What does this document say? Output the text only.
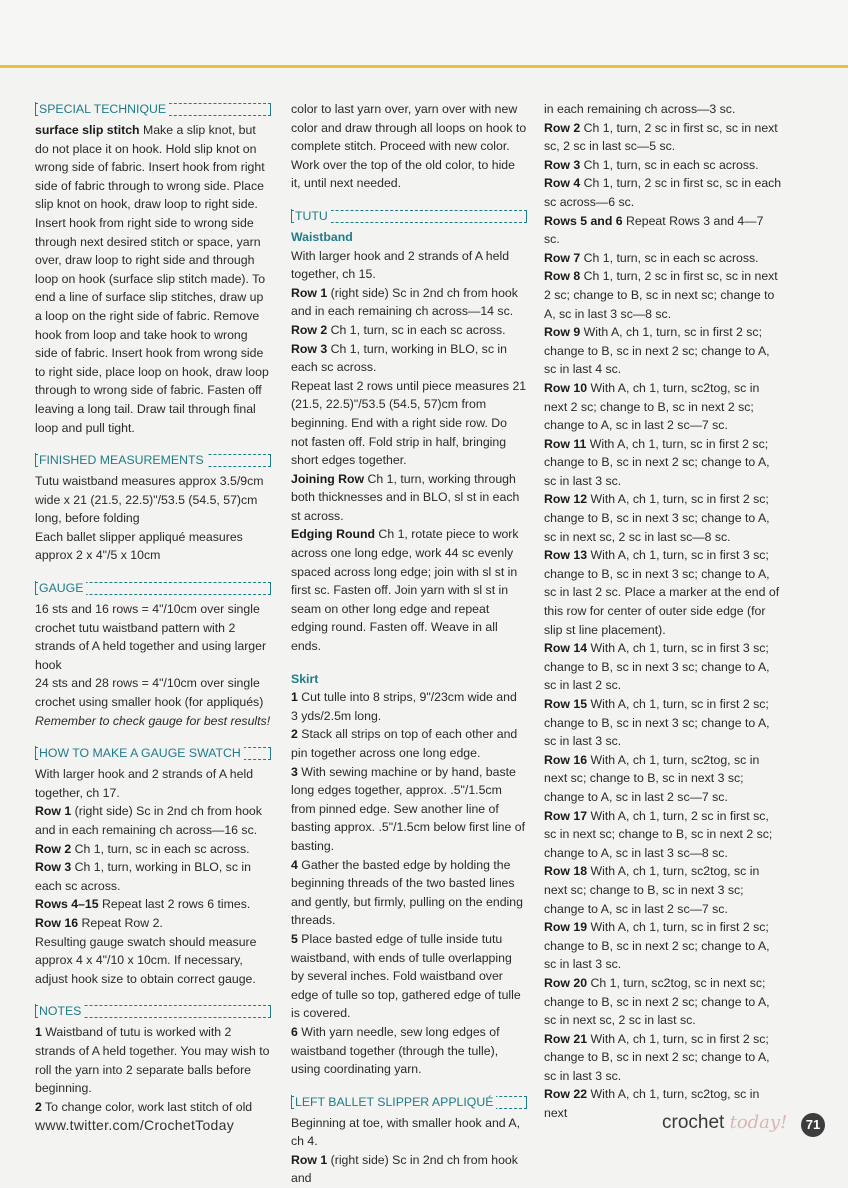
SPECIAL TECHNIQUE

surface slip stitch Make a slip knot, but do not place it on hook. Hold slip knot on wrong side of fabric. Insert hook from right side of fabric through to wrong side. Place slip knot on hook, draw loop to right side. Insert hook from right side to wrong side through next desired stitch or space, yarn over, draw loop to right side and through loop on hook (surface slip stitch made). To end a line of surface slip stitches, draw up a loop on the right side of fabric. Remove hook from loop and take hook to wrong side of fabric. Insert hook from wrong side to right side, place loop on hook, draw loop through to wrong side of fabric. Fasten off leaving a long tail. Draw tail through final loop and pull tight.

FINISHED MEASUREMENTS

Tutu waistband measures approx 3.5/9cm wide x 21 (21.5, 22.5)"/53.5 (54.5, 57)cm long, before folding

Each ballet slipper appliqué measures approx 2 x 4"/5 x 10cm

GAUGE

16 sts and 16 rows = 4"/10cm over single crochet tutu waistband pattern with 2 strands of A held together and using larger hook

24 sts and 28 rows = 4"/10cm over single crochet using smaller hook (for appliqués)

Remember to check gauge for best results!

HOW TO MAKE A GAUGE SWATCH

With larger hook and 2 strands of A held together, ch 17.

Row 1 (right side) Sc in 2nd ch from hook and in each remaining ch across—16 sc.

Row 2 Ch 1, turn, sc in each sc across.

Row 3 Ch 1, turn, working in BLO, sc in each sc across.

Rows 4–15 Repeat last 2 rows 6 times.

Row 16 Repeat Row 2.

Resulting gauge swatch should measure approx 4 x 4"/10 x 10cm. If necessary, adjust hook size to obtain correct gauge.

NOTES

1 Waistband of tutu is worked with 2 strands of A held together. You may wish to roll the yarn into 2 separate balls before beginning.

2 To change color, work last stitch of old

color to last yarn over, yarn over with new color and draw through all loops on hook to complete stitch. Proceed with new color. Work over the top of the old color, to hide it, until next needed.

TUTU

Waistband

With larger hook and 2 strands of A held together, ch 15.

Row 1 (right side) Sc in 2nd ch from hook and in each remaining ch across—14 sc.

Row 2 Ch 1, turn, sc in each sc across.

Row 3 Ch 1, turn, working in BLO, sc in each sc across.

Repeat last 2 rows until piece measures 21 (21.5, 22.5)"/53.5 (54.5, 57)cm from beginning. End with a right side row. Do not fasten off. Fold strip in half, bringing short edges together.

Joining Row Ch 1, turn, working through both thicknesses and in BLO, sl st in each st across.

Edging Round Ch 1, rotate piece to work across one long edge, work 44 sc evenly spaced across long edge; join with sl st in first sc. Fasten off. Join yarn with sl st in seam on other long edge and repeat edging round. Fasten off. Weave in all ends.

Skirt

1 Cut tulle into 8 strips, 9"/23cm wide and 3 yds/2.5m long.

2 Stack all strips on top of each other and pin together across one long edge.

3 With sewing machine or by hand, baste long edges together, approx. .5"/1.5cm from pinned edge. Sew another line of basting approx. .5"/1.5cm below first line of basting.

4 Gather the basted edge by holding the beginning threads of the two basted lines and gently, but firmly, pulling on the ending threads.

5 Place basted edge of tulle inside tutu waistband, with ends of tulle overlapping by several inches. Fold waistband over edge of tulle so top, gathered edge of tulle is covered.

6 With yarn needle, sew long edges of waistband together (through the tulle), using coordinating yarn.

LEFT BALLET SLIPPER APPLIQUÉ

Beginning at toe, with smaller hook and A, ch 4.

Row 1 (right side) Sc in 2nd ch from hook and

in each remaining ch across—3 sc.

Row 2 Ch 1, turn, 2 sc in first sc, sc in next sc, 2 sc in last sc—5 sc.

Row 3 Ch 1, turn, sc in each sc across.

Row 4 Ch 1, turn, 2 sc in first sc, sc in each sc across—6 sc.

Rows 5 and 6 Repeat Rows 3 and 4—7 sc.

Row 7 Ch 1, turn, sc in each sc across.

Row 8 Ch 1, turn, 2 sc in first sc, sc in next 2 sc; change to B, sc in next sc; change to A, sc in last 3 sc—8 sc.

Row 9 With A, ch 1, turn, sc in first 2 sc; change to B, sc in next 2 sc; change to A, sc in last 4 sc.

Row 10 With A, ch 1, turn, sc2tog, sc in next 2 sc; change to B, sc in next 2 sc; change to A, sc in last 2 sc—7 sc.

Row 11 With A, ch 1, turn, sc in first 2 sc; change to B, sc in next 2 sc; change to A, sc in last 3 sc.

Row 12 With A, ch 1, turn, sc in first 2 sc; change to B, sc in next 3 sc; change to A, sc in next sc, 2 sc in last sc—8 sc.

Row 13 With A, ch 1, turn, sc in first 3 sc; change to B, sc in next 3 sc; change to A, sc in last 2 sc. Place a marker at the end of this row for center of outer side edge (for slip st line placement).

Row 14 With A, ch 1, turn, sc in first 3 sc; change to B, sc in next 3 sc; change to A, sc in last 2 sc.

Row 15 With A, ch 1, turn, sc in first 2 sc; change to B, sc in next 3 sc; change to A, sc in last 3 sc.

Row 16 With A, ch 1, turn, sc2tog, sc in next sc; change to B, sc in next 3 sc; change to A, sc in last 2 sc—7 sc.

Row 17 With A, ch 1, turn, 2 sc in first sc, sc in next sc; change to B, sc in next 2 sc; change to A, sc in last 3 sc—8 sc.

Row 18 With A, ch 1, turn, sc2tog, sc in next sc; change to B, sc in next 3 sc; change to A, sc in last 2 sc—7 sc.

Row 19 With A, ch 1, turn, sc in first 2 sc; change to B, sc in next 2 sc; change to A, sc in last 3 sc.

Row 20 Ch 1, turn, sc2tog, sc in next sc; change to B, sc in next 2 sc; change to A, sc in next sc, 2 sc in last sc.

Row 21 With A, ch 1, turn, sc in first 2 sc; change to B, sc in next 2 sc; change to A, sc in last 3 sc.

Row 22 With A, ch 1, turn, sc2tog, sc in next

www.twitter.com/CrochetToday	crochet today!	71
